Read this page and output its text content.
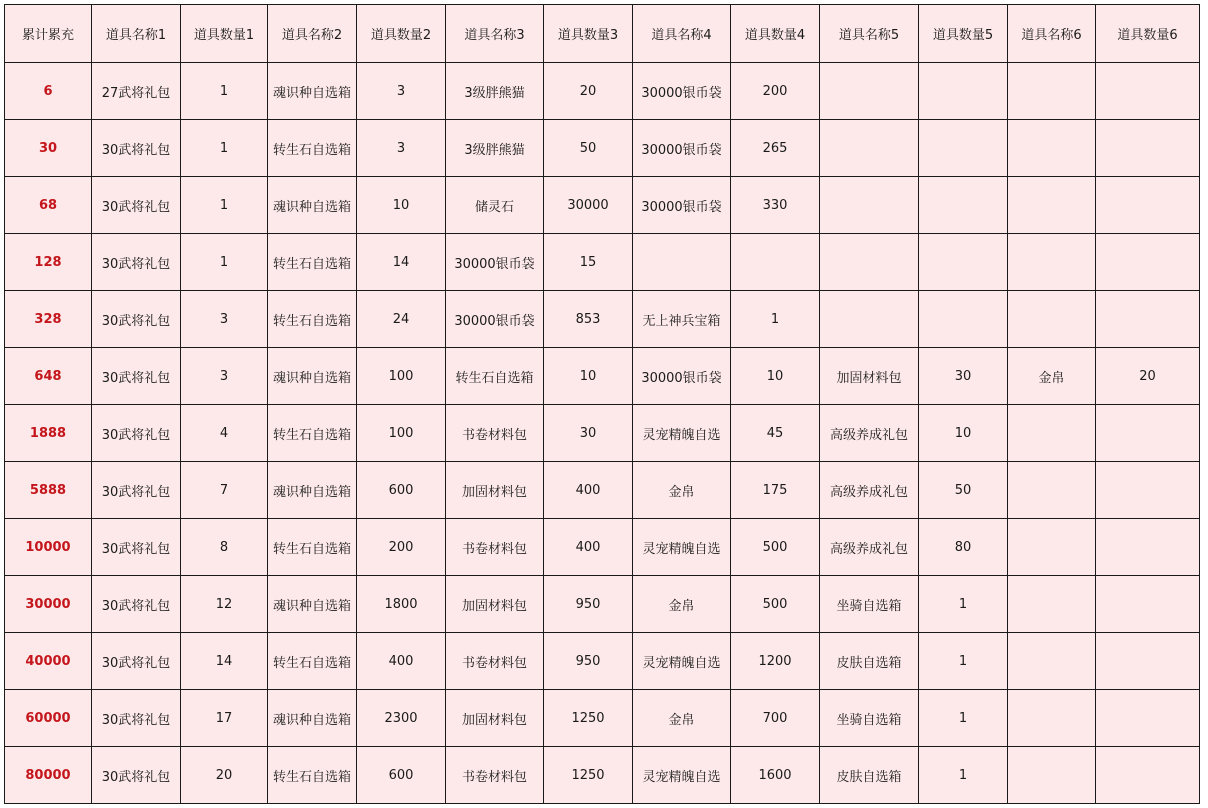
累计累充	道具名称1	道具数量1	道具名称2	道具数量2	道具名称3	道具数量3	道具名称4	道具数量4	道具名称5	道具数量5	道具名称6	道具数量6
6	27武将礼包	1	魂识种自选箱	3	3级胖熊猫	20	30000银币袋	200				
30	30武将礼包	1	转生石自选箱	3	3级胖熊猫	50	30000银币袋	265				
68	30武将礼包	1	魂识种自选箱	10	储灵石	30000	30000银币袋	330				
128	30武将礼包	1	转生石自选箱	14	30000银币袋	15						
328	30武将礼包	3	转生石自选箱	24	30000银币袋	853	无上神兵宝箱	1				
648	30武将礼包	3	魂识种自选箱	100	转生石自选箱	10	30000银币袋	10	加固材料包	30	金帛	20
1888	30武将礼包	4	转生石自选箱	100	书卷材料包	30	灵宠精魄自选	45	高级养成礼包	10		
5888	30武将礼包	7	魂识种自选箱	600	加固材料包	400	金帛	175	高级养成礼包	50		
10000	30武将礼包	8	转生石自选箱	200	书卷材料包	400	灵宠精魄自选	500	高级养成礼包	80		
30000	30武将礼包	12	魂识种自选箱	1800	加固材料包	950	金帛	500	坐骑自选箱	1		
40000	30武将礼包	14	转生石自选箱	400	书卷材料包	950	灵宠精魄自选	1200	皮肤自选箱	1		
60000	30武将礼包	17	魂识种自选箱	2300	加固材料包	1250	金帛	700	坐骑自选箱	1		
80000	30武将礼包	20	转生石自选箱	600	书卷材料包	1250	灵宠精魄自选	1600	皮肤自选箱	1		
